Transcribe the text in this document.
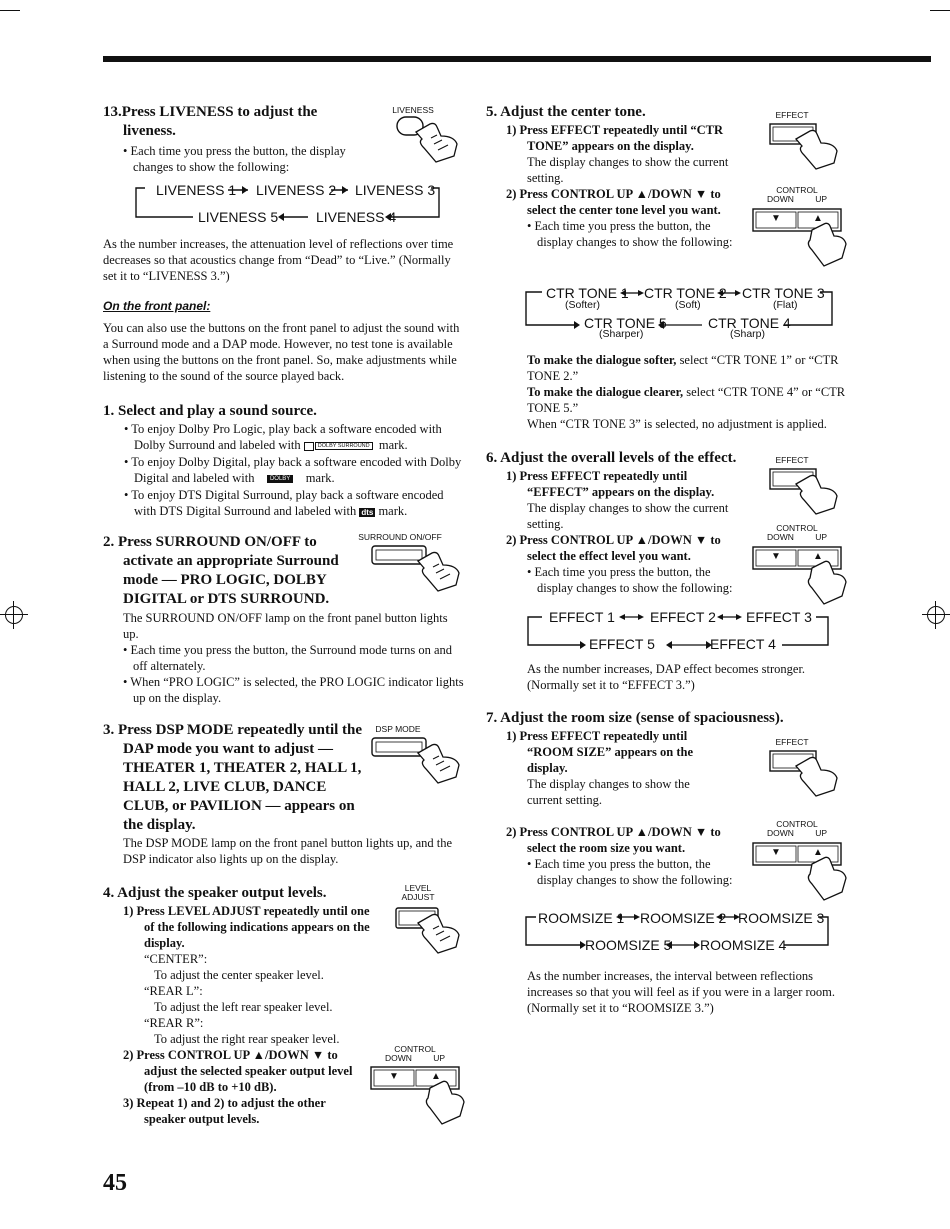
13.Press LIVENESS to adjust the
liveness.
• Each time you press the button, the display changes to show the following:
LIVENESS
LIVENESS 1 LIVENESS 2 LIVENESS 3
LIVENESS 5	LIVENESS 4
As the number increases, the attenuation level of reflections over time decreases so that acoustics change from “Dead” to “Live.” (Normally set it to “LIVENESS 3.”)
On the front panel:
You can also use the buttons on the front panel to adjust the sound with a Surround mode and a DAP mode. However, no test tone is available when using the buttons on the front panel. So, make adjustments while listening to the sound of the source played back.
1. Select and play a sound source.
• To enjoy Dolby Pro Logic, play back a software encoded with Dolby Surround and labeled with	DOLBY SURROUND mark.
• To enjoy Dolby Digital, play back a software encoded with Dolby Digital and labeled with	DOLBY mark.
• To enjoy DTS Digital Surround, play back a software encoded with DTS Digital Surround and labeled with dts mark.
2. Press SURROUND ON/OFF to activate an appropriate Surround mode — PRO LOGIC, DOLBY DIGITAL or DTS SURROUND.
SURROUND ON/OFF
The SURROUND ON/OFF lamp on the front panel button lights up.
• Each time you press the button, the Surround mode turns on and off alternately.
• When “PRO LOGIC” is selected, the PRO LOGIC indicator lights up on the display.
3. Press DSP MODE repeatedly until the DAP mode you want to adjust — THEATER 1, THEATER 2, HALL 1, HALL 2, LIVE CLUB, DANCE CLUB, or PAVILION — appears on the display.
DSP MODE
The DSP MODE lamp on the front panel button lights up, and the DSP indicator also lights up on the display.
4. Adjust the speaker output levels.	LEVEL
ADJUST
1) Press LEVEL ADJUST repeatedly until one of the following indications appears on the display.
“CENTER”:
To adjust the center speaker level.
“REAR L”:
To adjust the left rear speaker level.
“REAR R”:
To adjust the right rear speaker level.
2) Press CONTROL UP ▲/DOWN ▼ to adjust the selected speaker output level (from –10 dB to +10 dB).
3) Repeat 1) and 2) to adjust the other speaker output levels.
CONTROL
DOWN	UP
▼	▲
45
5. Adjust the center tone.
1) Press EFFECT repeatedly until “CTR TONE” appears on the display.
The display changes to show the current setting.
2) Press CONTROL UP ▲/DOWN ▼ to select the center tone level you want.
• Each time you press the button, the display changes to show the following:
EFFECT
CONTROL
DOWN	UP
▼	▲
CTR TONE 1 CTR TONE 2 CTR TONE 3
CTR TONE 5	CTR TONE 4
(Softer)	(Soft)	(Flat)
(Sharper)	(Sharp)
To make the dialogue softer, select “CTR TONE 1” or “CTR TONE 2.”
To make the dialogue clearer, select “CTR TONE 4” or “CTR TONE 5.”
When “CTR TONE 3” is selected, no adjustment is applied.
6. Adjust the overall levels of the effect.
1) Press EFFECT repeatedly until “EFFECT” appears on the display.
The display changes to show the current setting.
2) Press CONTROL UP ▲/DOWN ▼ to select the effect level you want.
• Each time you press the button, the display changes to show the following:
EFFECT
CONTROL
DOWN	UP
▼	▲
EFFECT 1	EFFECT 2 EFFECT 3
EFFECT 5	EFFECT 4
As the number increases, DAP effect becomes stronger. (Normally set it to “EFFECT 3.”)
7. Adjust the room size (sense of spaciousness).
1) Press EFFECT repeatedly until “ROOM SIZE” appears on the display.
The display changes to show the current setting.
2) Press CONTROL UP ▲/DOWN ▼ to select the room size you want.
• Each time you press the button, the display changes to show the following:
EFFECT
CONTROL
DOWN	UP
▼	▲
ROOMSIZE 1 ROOMSIZE 2 ROOMSIZE 3
ROOMSIZE 5 ROOMSIZE 4
As the number increases, the interval between reflections increases so that you will feel as if you were in a larger room. (Normally set it to “ROOMSIZE 3.”)
